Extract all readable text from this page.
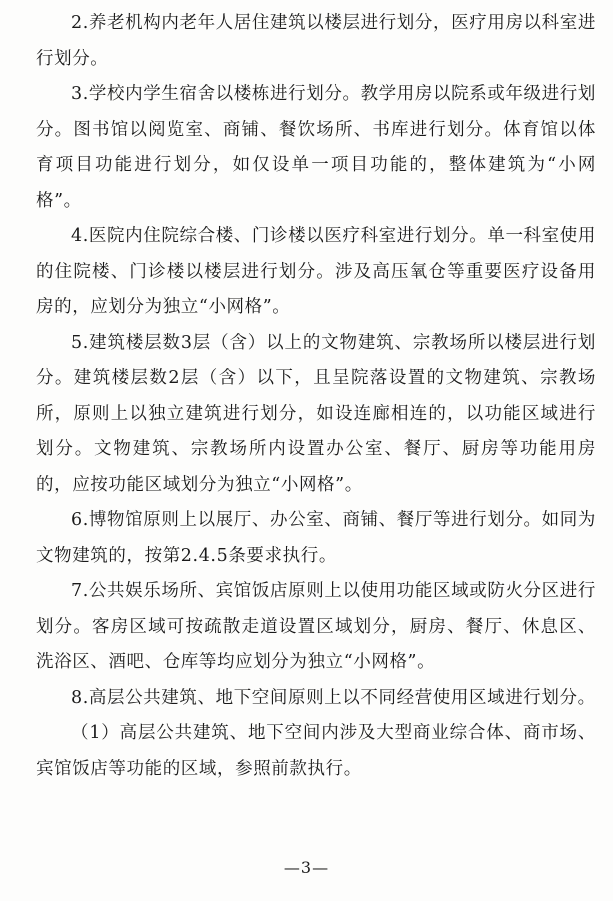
2.养老机构内老年人居住建筑以楼层进行划分，医疗用房以科室进行划分。

3.学校内学生宿舍以楼栋进行划分。教学用房以院系或年级进行划分。图书馆以阅览室、商铺、餐饮场所、书库进行划分。体育馆以体育项目功能进行划分，如仅设单一项目功能的，整体建筑为“小网格”。

4.医院内住院综合楼、门诊楼以医疗科室进行划分。单一科室使用的住院楼、门诊楼以楼层进行划分。涉及高压氧仓等重要医疗设备用房的，应划分为独立“小网格”。

5.建筑楼层数3层（含）以上的文物建筑、宗教场所以楼层进行划分。建筑楼层数2层（含）以下，且呈院落设置的文物建筑、宗教场所，原则上以独立建筑进行划分，如设连廊相连的，以功能区域进行划分。文物建筑、宗教场所内设置办公室、餐厅、厨房等功能用房的，应按功能区域划分为独立“小网格”。

6.博物馆原则上以展厅、办公室、商铺、餐厅等进行划分。如同为文物建筑的，按第2.4.5条要求执行。

7.公共娱乐场所、宾馆饭店原则上以使用功能区域或防火分区进行划分。客房区域可按疏散走道设置区域划分，厨房、餐厅、休息区、洗浴区、酒吧、仓库等均应划分为独立“小网格”。

8.高层公共建筑、地下空间原则上以不同经营使用区域进行划分。

（1）高层公共建筑、地下空间内涉及大型商业综合体、商市场、宾馆饭店等功能的区域，参照前款执行。

—3—
